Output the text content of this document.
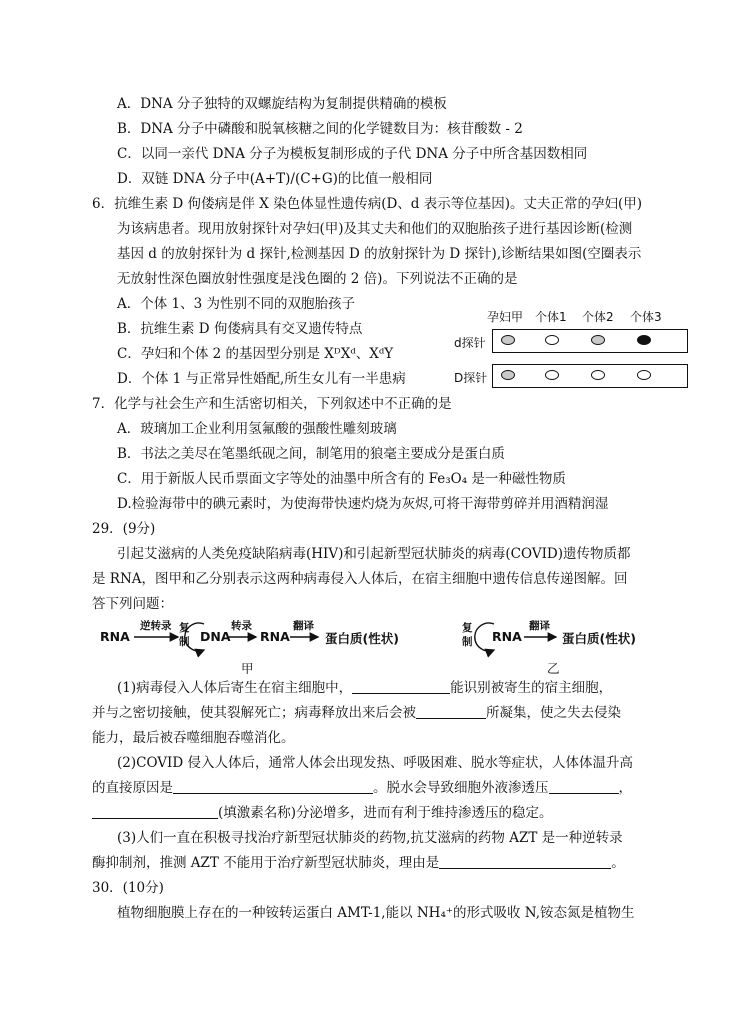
A．DNA 分子独特的双螺旋结构为复制提供精确的模板
B．DNA 分子中磷酸和脱氧核糖之间的化学键数目为：核苷酸数 - 2
C．以同一亲代 DNA 分子为模板复制形成的子代 DNA 分子中所含基因数相同
D．双链 DNA 分子中(A+T)/(C+G)的比值一般相同
6．抗维生素 D 佝偻病是伴 X 染色体显性遗传病(D、d 表示等位基因)。丈夫正常的孕妇(甲)
为该病患者。现用放射探针对孕妇(甲)及其丈夫和他们的双胞胎孩子进行基因诊断(检测
基因 d 的放射探针为 d 探针,检测基因 D 的放射探针为 D 探针),诊断结果如图(空圈表示
无放射性深色圈放射性强度是浅色圈的 2 倍)。下列说法不正确的是
A．个体 1、3 为性别不同的双胞胎孩子
B．抗维生素 D 佝偻病具有交叉遗传特点
C．孕妇和个体 2 的基因型分别是 XᴰXᵈ、XᵈY
D．个体 1 与正常异性婚配,所生女儿有一半患病
孕妇甲 个体1 个体2 个体3
d探针
D探针
7．化学与社会生产和生活密切相关，下列叙述中不正确的是
A．玻璃加工企业利用氢氟酸的强酸性雕刻玻璃
B．书法之美尽在笔墨纸砚之间，制笔用的狼毫主要成分是蛋白质
C．用于新版人民币票面文字等处的油墨中所含有的 Fe₃O₄ 是一种磁性物质
D.检验海带中的碘元素时，为使海带快速灼烧为灰烬,可将干海带剪碎并用酒精润湿
29．(9分)
引起艾滋病的人类免疫缺陷病毒(HIV)和引起新型冠状肺炎的病毒(COVID)遗传物质都
是 RNA，图甲和乙分别表示这两种病毒侵入人体后，在宿主细胞中遗传信息传递图解。回
答下列问题：
RNA
逆转录 复
制 DNA
转录
RNA
翻译
蛋白质(性状)
甲
复
制 RNA
翻译
蛋白质(性状)
乙
(1)病毒侵入人体后寄生在宿主细胞中，	能识别被寄生的宿主细胞，
并与之密切接触，使其裂解死亡；病毒释放出来后会被	所凝集，使之失去侵染
能力，最后被吞噬细胞吞噬消化。
(2)COVID 侵入人体后，通常人体会出现发热、呼吸困难、脱水等症状，人体体温升高
的直接原因是	。脱水会导致细胞外液渗透压	，
(填激素名称)分泌增多，进而有利于维持渗透压的稳定。
(3)人们一直在积极寻找治疗新型冠状肺炎的药物,抗艾滋病的药物 AZT 是一种逆转录
酶抑制剂，推测 AZT 不能用于治疗新型冠状肺炎，理由是	。
30．(10分)
植物细胞膜上存在的一种铵转运蛋白 AMT-1,能以 NH₄⁺的形式吸收 N,铵态氮是植物生
